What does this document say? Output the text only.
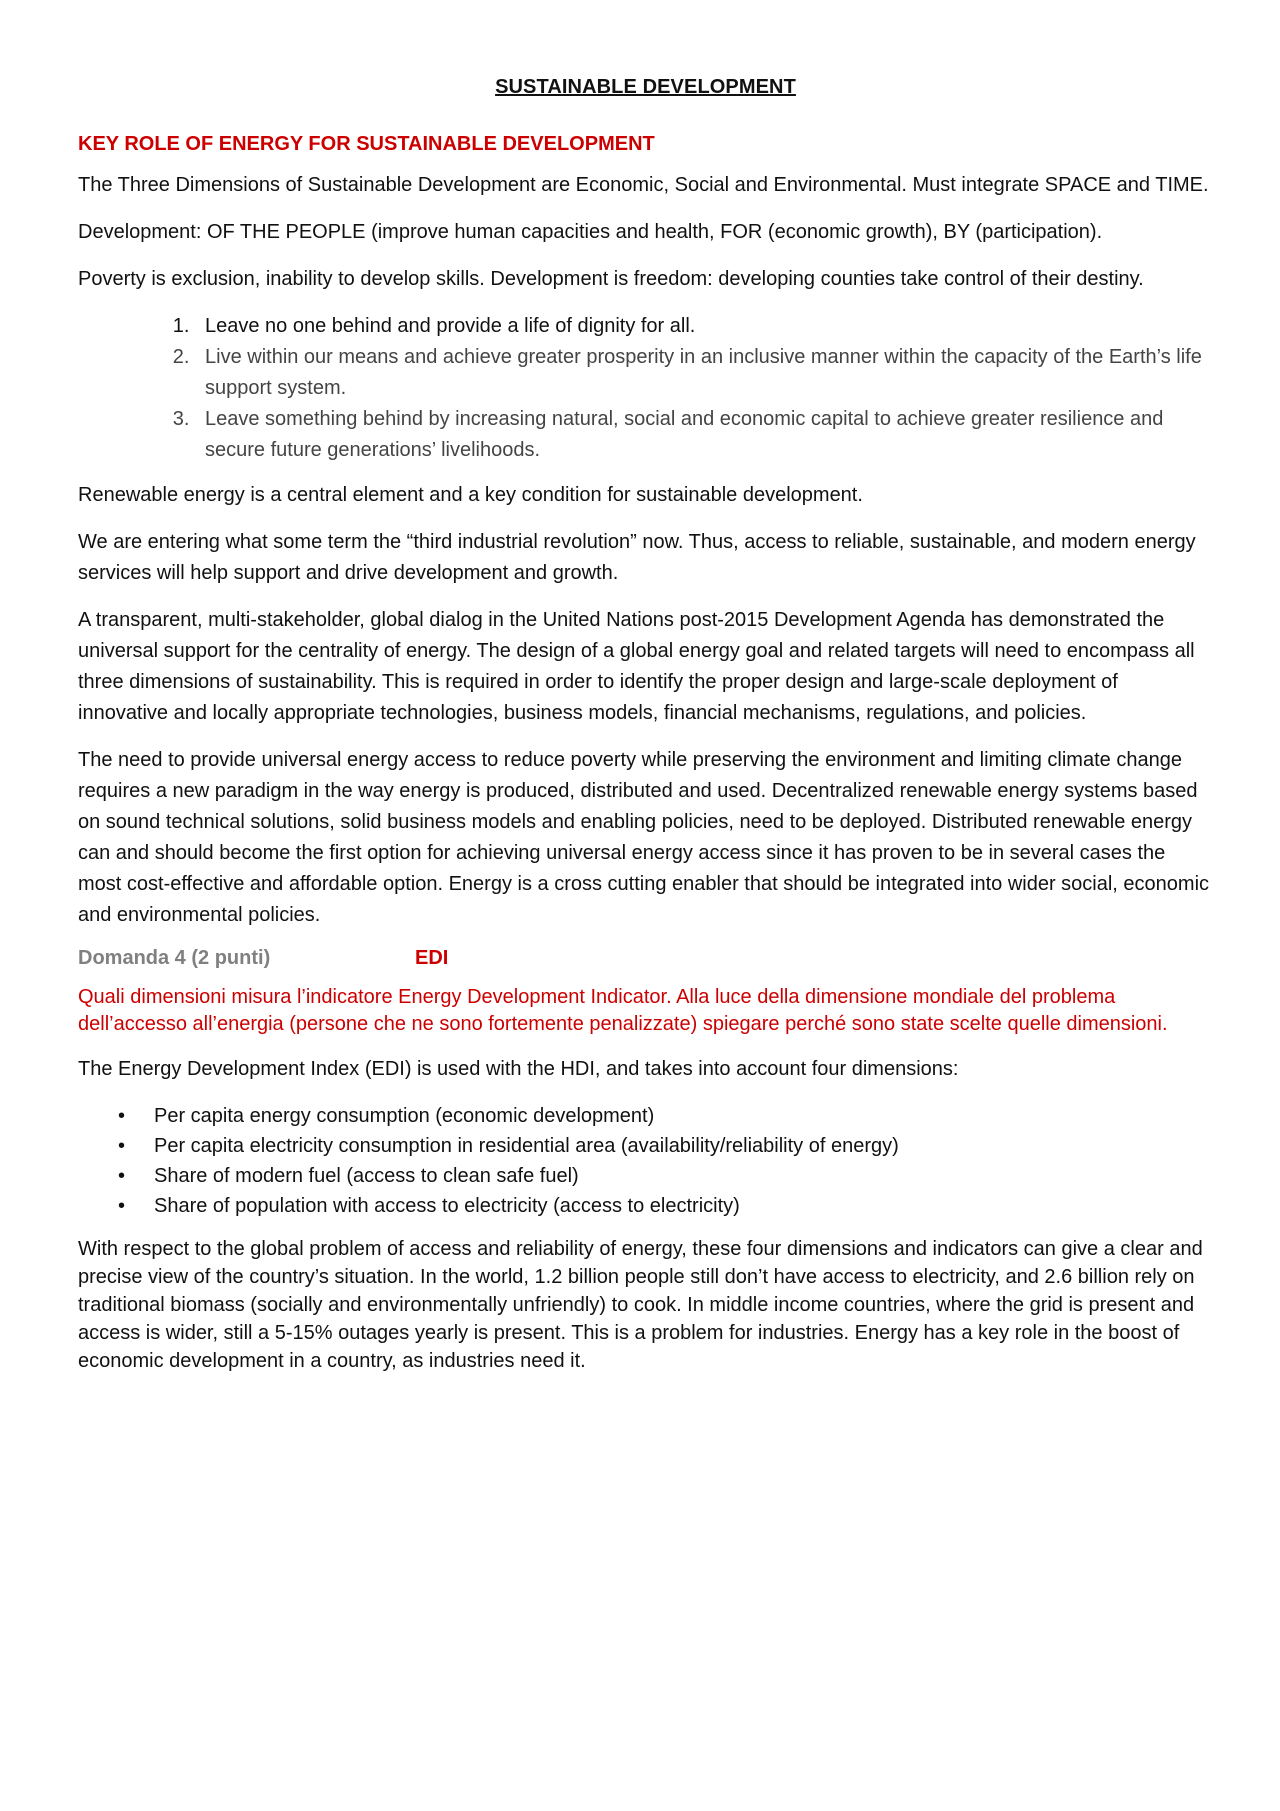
SUSTAINABLE DEVELOPMENT
KEY ROLE OF ENERGY FOR SUSTAINABLE DEVELOPMENT

The Three Dimensions of Sustainable Development are Economic, Social and Environmental. Must integrate SPACE and TIME.

Development: OF THE PEOPLE (improve human capacities and health, FOR (economic growth), BY (participation).

Poverty is exclusion, inability to develop skills. Development is freedom: developing counties take control of their destiny.

1. Leave no one behind and provide a life of dignity for all.
2. Live within our means and achieve greater prosperity in an inclusive manner within the capacity of the Earth’s life support system.
3. Leave something behind by increasing natural, social and economic capital to achieve greater resilience and secure future generations’ livelihoods.

Renewable energy is a central element and a key condition for sustainable development.

We are entering what some term the “third industrial revolution” now. Thus, access to reliable, sustainable, and modern energy services will help support and drive development and growth.

A transparent, multi-stakeholder, global dialog in the United Nations post-2015 Development Agenda has demonstrated the universal support for the centrality of energy. The design of a global energy goal and related targets will need to encompass all three dimensions of sustainability. This is required in order to identify the proper design and large-scale deployment of innovative and locally appropriate technologies, business models, financial mechanisms, regulations, and policies.

The need to provide universal energy access to reduce poverty while preserving the environment and limiting climate change requires a new paradigm in the way energy is produced, distributed and used. Decentralized renewable energy systems based on sound technical solutions, solid business models and enabling policies, need to be deployed. Distributed renewable energy can and should become the first option for achieving universal energy access since it has proven to be in several cases the most cost-effective and affordable option. Energy is a cross cutting enabler that should be integrated into wider social, economic and environmental policies.

Domanda 4 (2 punti)	EDI

Quali dimensioni misura l’indicatore Energy Development Indicator. Alla luce della dimensione mondiale del problema dell’accesso all’energia (persone che ne sono fortemente penalizzate) spiegare perché sono state scelte quelle dimensioni.

The Energy Development Index (EDI) is used with the HDI, and takes into account four dimensions:

• Per capita energy consumption (economic development)
• Per capita electricity consumption in residential area (availability/reliability of energy)
• Share of modern fuel (access to clean safe fuel)
• Share of population with access to electricity (access to electricity)

With respect to the global problem of access and reliability of energy, these four dimensions and indicators can give a clear and precise view of the country’s situation. In the world, 1.2 billion people still don’t have access to electricity, and 2.6 billion rely on traditional biomass (socially and environmentally unfriendly) to cook. In middle income countries, where the grid is present and access is wider, still a 5-15% outages yearly is present. This is a problem for industries. Energy has a key role in the boost of economic development in a country, as industries need it.
